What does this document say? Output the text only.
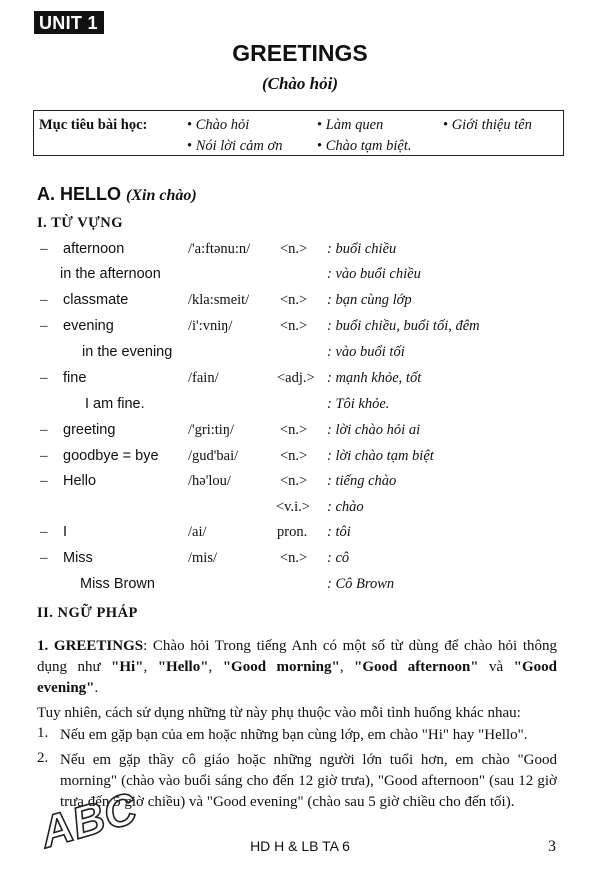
UNIT 1
GREETINGS
(Chào hỏi)
Mục tiêu bài học:	• Chào hỏi	• Làm quen	• Giới thiệu tên
• Nói lời cảm ơn	• Chào tạm biệt.
A. HELLO (Xin chào)
I. TỪ VỰNG
– afternoon	/'a:ftənu:n/ <n.> : buổi chiều
in the afternoon	: vào buổi chiều
– classmate	/kla:smeit/ <n.> : bạn cùng lớp
– evening	/i':vniŋ/	<n.> : buổi chiều, buổi tối, đêm
in the evening	: vào buổi tối
– fine	/fain/	<adj.> : mạnh khỏe, tốt
I am fine.	: Tôi khỏe.
– greeting	/'gri:tiŋ/	<n.> : lời chào hỏi ai
– goodbye = bye /gud'bai/	<n.> : lời chào tạm biệt
– Hello	/hə'lou/	<n.> : tiếng chào
<v.i.> : chào
– I	/ai/	pron. : tôi
– Miss	/mis/	<n.> : cô
Miss Brown	: Cô Brown
II. NGỮ PHÁP
1. GREETINGS: Chào hỏi Trong tiếng Anh có một số từ dùng để chào hỏi thông dụng như "Hi", "Hello", "Good morning", "Good afternoon" và "Good evening".
Tuy nhiên, cách sử dụng những từ này phụ thuộc vào mỗi tình huống khác nhau:
1. Nếu em gặp bạn của em hoặc những bạn cùng lớp, em chào "Hi" hay "Hello".
2. Nếu em gặp thầy cô giáo hoặc những người lớn tuổi hơn, em chào "Good morning" (chào vào buổi sáng cho đến 12 giờ trưa), "Good afternoon" (sau 12 giờ trưa đến 5 giờ chiều) và "Good evening" (chào sau 5 giờ chiều cho đến tối).
ABC	HD H & LB TA 6	3
